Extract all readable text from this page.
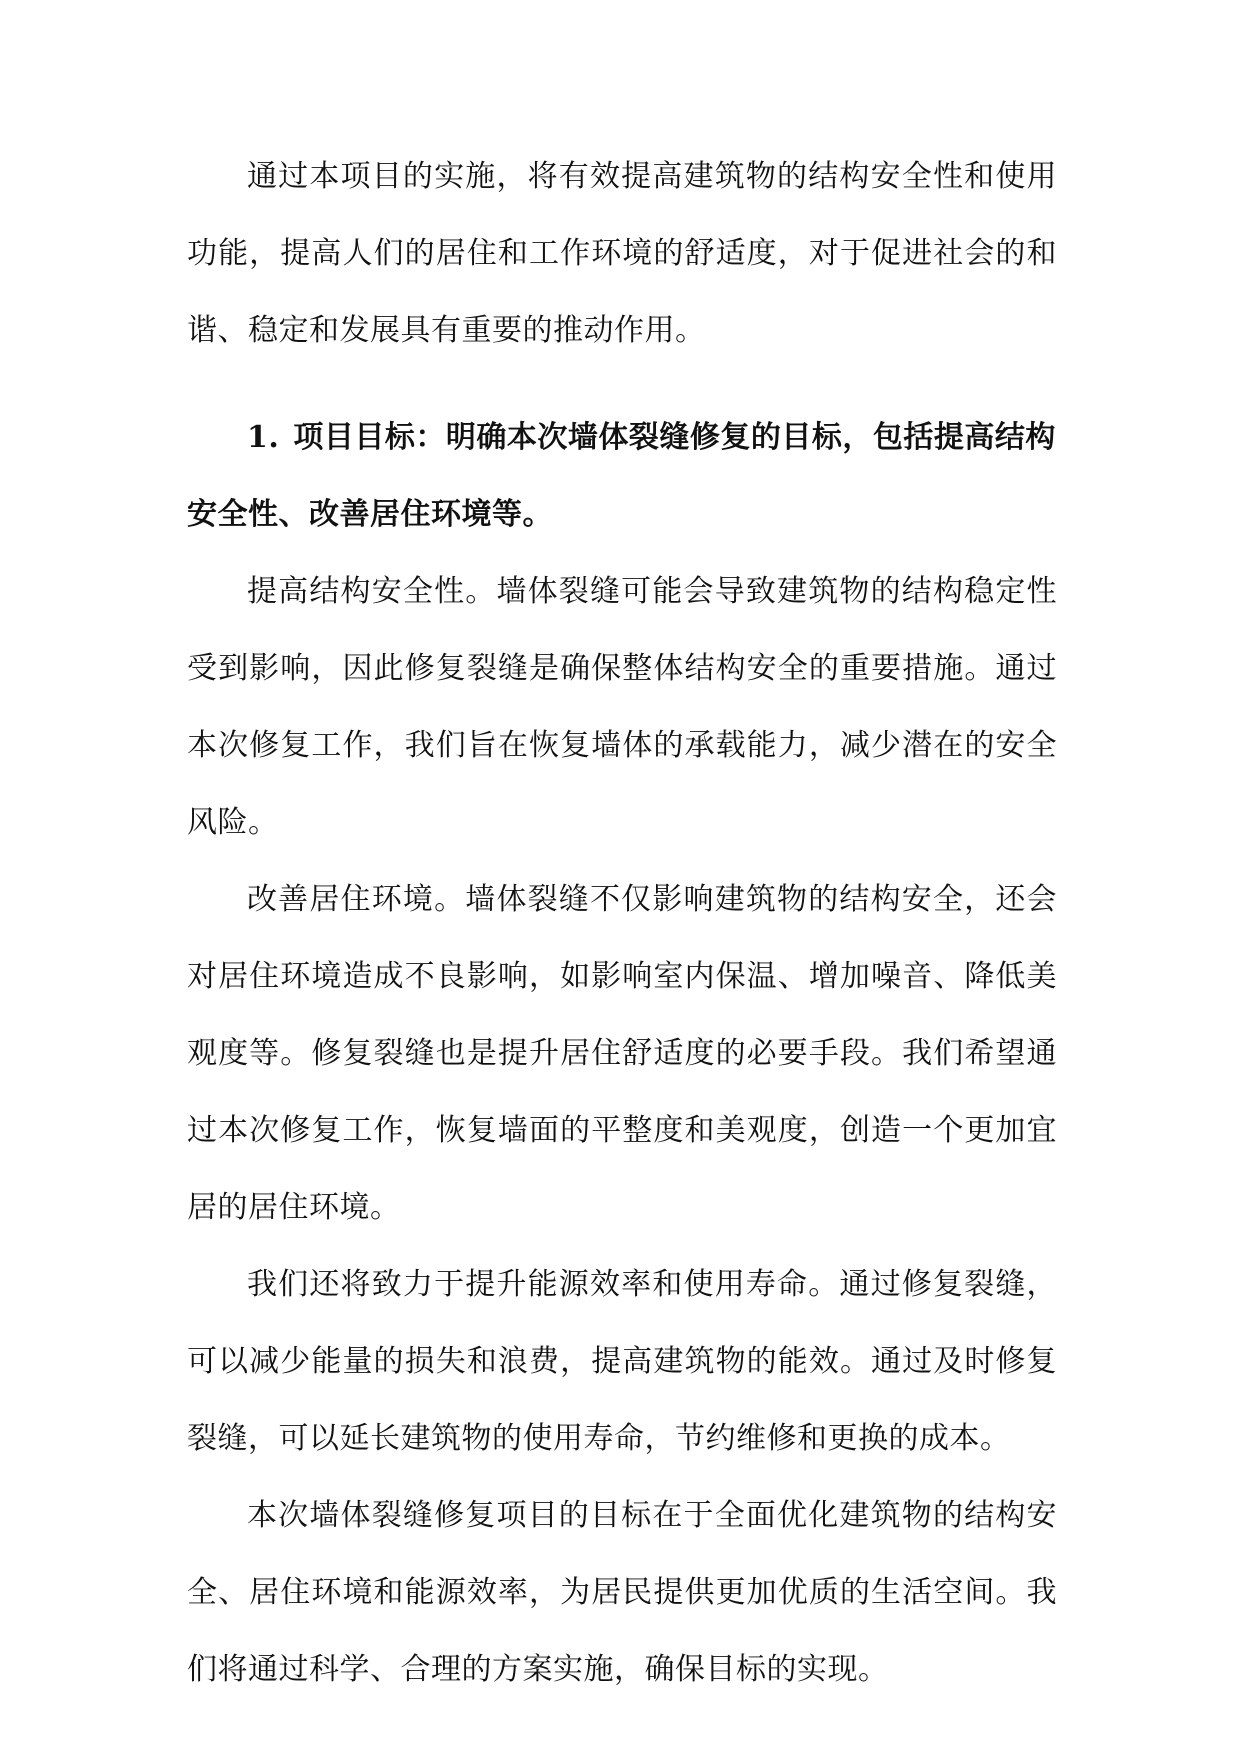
通过本项目的实施，将有效提高建筑物的结构安全性和使用功能，提高人们的居住和工作环境的舒适度，对于促进社会的和谐、稳定和发展具有重要的推动作用。

1. 项目目标：明确本次墙体裂缝修复的目标，包括提高结构安全性、改善居住环境等。

提高结构安全性。墙体裂缝可能会导致建筑物的结构稳定性受到影响，因此修复裂缝是确保整体结构安全的重要措施。通过本次修复工作，我们旨在恢复墙体的承载能力，减少潜在的安全风险。

改善居住环境。墙体裂缝不仅影响建筑物的结构安全，还会对居住环境造成不良影响，如影响室内保温、增加噪音、降低美观度等。修复裂缝也是提升居住舒适度的必要手段。我们希望通过本次修复工作，恢复墙面的平整度和美观度，创造一个更加宜居的居住环境。

我们还将致力于提升能源效率和使用寿命。通过修复裂缝，可以减少能量的损失和浪费，提高建筑物的能效。通过及时修复裂缝，可以延长建筑物的使用寿命，节约维修和更换的成本。

本次墙体裂缝修复项目的目标在于全面优化建筑物的结构安全、居住环境和能源效率，为居民提供更加优质的生活空间。我们将通过科学、合理的方案实施，确保目标的实现。
